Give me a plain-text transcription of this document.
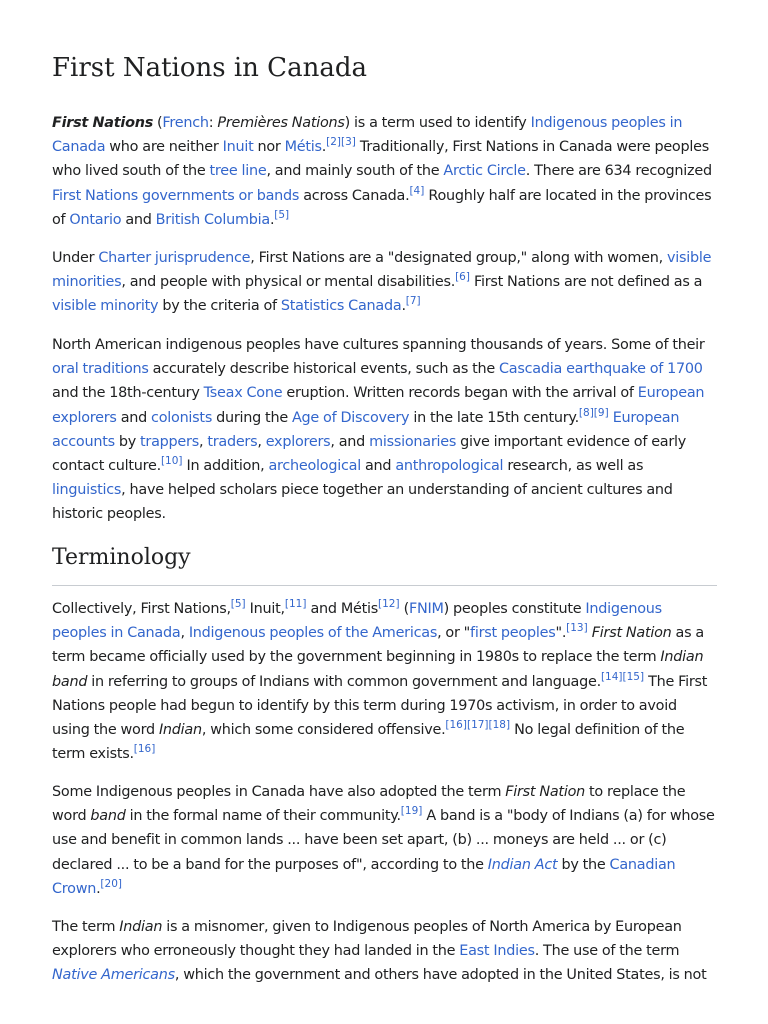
First Nations in Canada

First Nations (French: Premières Nations) is a term used to identify Indigenous peoples in Canada who are neither Inuit nor Métis.[2][3] Traditionally, First Nations in Canada were peoples who lived south of the tree line, and mainly south of the Arctic Circle. There are 634 recognized First Nations governments or bands across Canada.[4] Roughly half are located in the provinces of Ontario and British Columbia.[5]

Under Charter jurisprudence, First Nations are a "designated group," along with women, visible minorities, and people with physical or mental disabilities.[6] First Nations are not defined as a visible minority by the criteria of Statistics Canada.[7]

North American indigenous peoples have cultures spanning thousands of years. Some of their oral traditions accurately describe historical events, such as the Cascadia earthquake of 1700 and the 18th-century Tseax Cone eruption. Written records began with the arrival of European explorers and colonists during the Age of Discovery in the late 15th century.[8][9] European accounts by trappers, traders, explorers, and missionaries give important evidence of early contact culture.[10] In addition, archeological and anthropological research, as well as linguistics, have helped scholars piece together an understanding of ancient cultures and historic peoples.

Terminology

Collectively, First Nations,[5] Inuit,[11] and Métis[12] (FNIM) peoples constitute Indigenous peoples in Canada, Indigenous peoples of the Americas, or "first peoples".[13] First Nation as a term became officially used by the government beginning in 1980s to replace the term Indian band in referring to groups of Indians with common government and language.[14][15] The First Nations people had begun to identify by this term during 1970s activism, in order to avoid using the word Indian, which some considered offensive.[16][17][18] No legal definition of the term exists.[16]

Some Indigenous peoples in Canada have also adopted the term First Nation to replace the word band in the formal name of their community.[19] A band is a "body of Indians (a) for whose use and benefit in common lands ... have been set apart, (b) ... moneys are held ... or (c) declared ... to be a band for the purposes of", according to the Indian Act by the Canadian Crown.[20]

The term Indian is a misnomer, given to Indigenous peoples of North America by European explorers who erroneously thought they had landed in the East Indies. The use of the term Native Americans, which the government and others have adopted in the United States, is not
